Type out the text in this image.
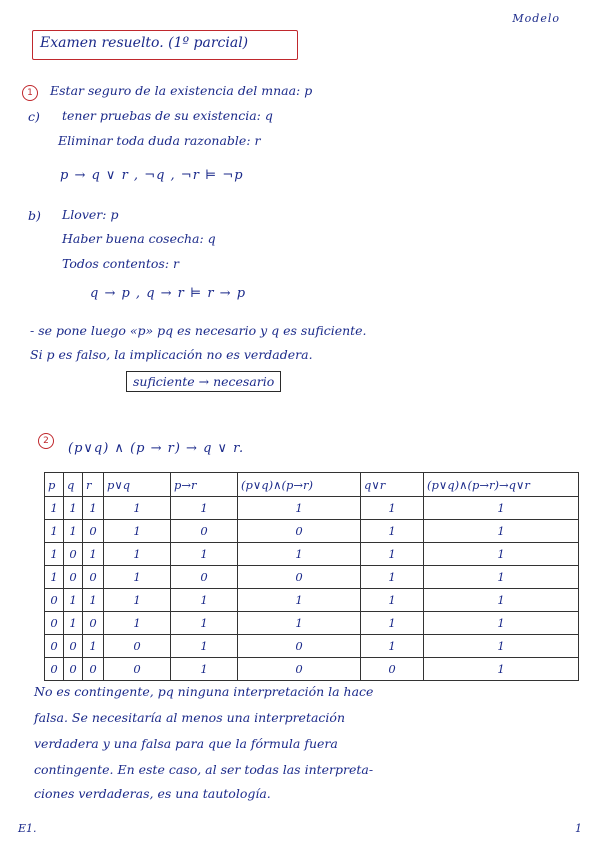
Modelo
Examen resuelto. (1º parcial)
1	Estar seguro de la existencia del mnaa: p
c) tener pruebas de su existencia: q
Eliminar toda duda razonable: r
p → q ∨ r , ¬q , ¬r ⊨ ¬p
b) Llover: p
Haber buena cosecha: q
Todos contentos: r
q → p , q → r ⊨ r → p
- se pone luego «p» pq es necesario y q es suficiente.
Si p es falso, la implicación no es verdadera.
suficiente → necesario
2	(p∨q) ∧ (p → r) → q ∨ r.
p	q	r	p∨q	p→r	(p∨q)∧(p→r)	q∨r	(p∨q)∧(p→r)→q∨r
1	1	1	1	1	1	1	1
1	1	0	1	0	0	1	1
1	0	1	1	1	1	1	1
1	0	0	1	0	0	1	1
0	1	1	1	1	1	1	1
0	1	0	1	1	1	1	1
0	0	1	0	1	0	1	1
0	0	0	0	1	0	0	1
No es contingente, pq ninguna interpretación la hace
falsa. Se necesitaría al menos una interpretación
verdadera y una falsa para que la fórmula fuera
contingente. En este caso, al ser todas las interpreta-
ciones verdaderas, es una tautología.
E1.	1
